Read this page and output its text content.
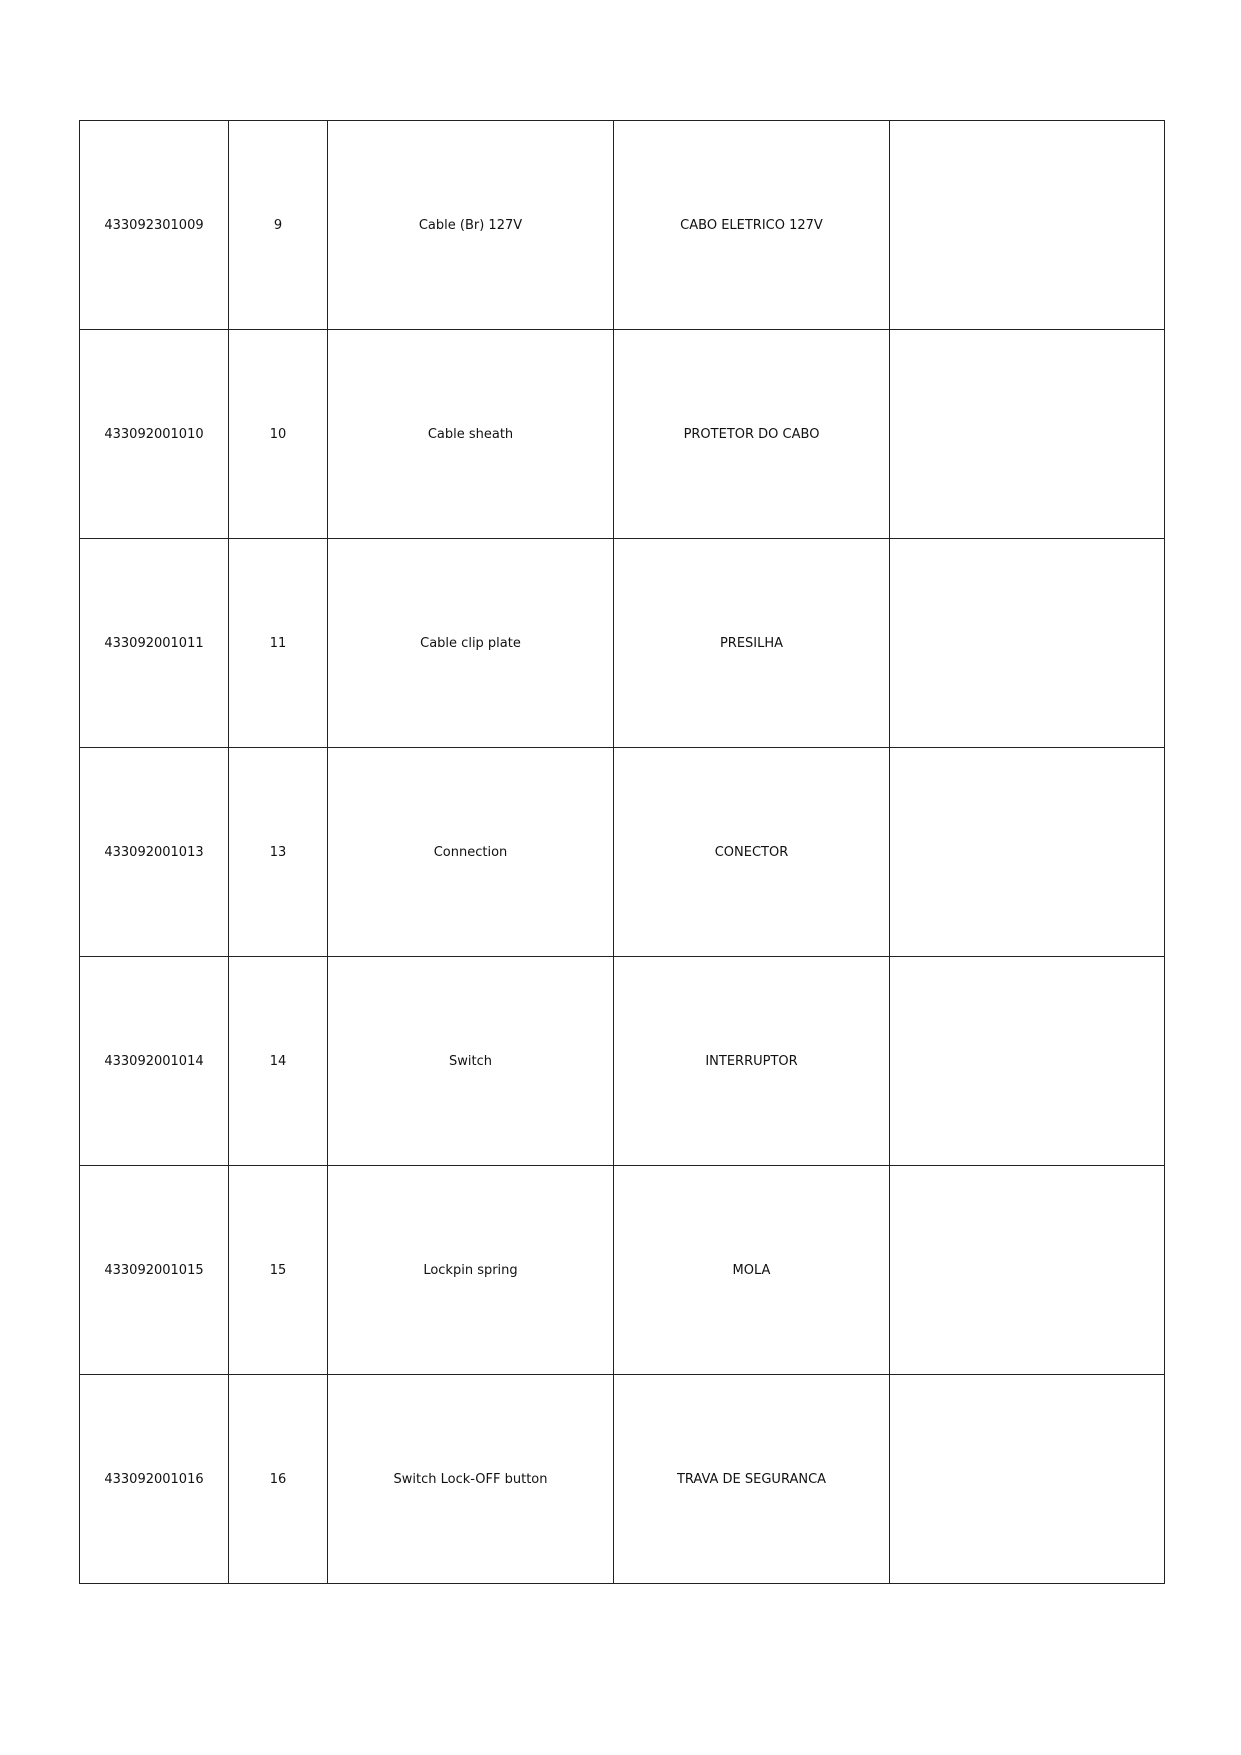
433092301009	9	Cable (Br) 127V	CABO ELETRICO 127V	
433092001010	10	Cable sheath	PROTETOR DO CABO	
433092001011	11	Cable clip plate	PRESILHA	
433092001013	13	Connection	CONECTOR	
433092001014	14	Switch	INTERRUPTOR	
433092001015	15	Lockpin spring	MOLA	
433092001016	16	Switch Lock-OFF button	TRAVA DE SEGURANCA	
